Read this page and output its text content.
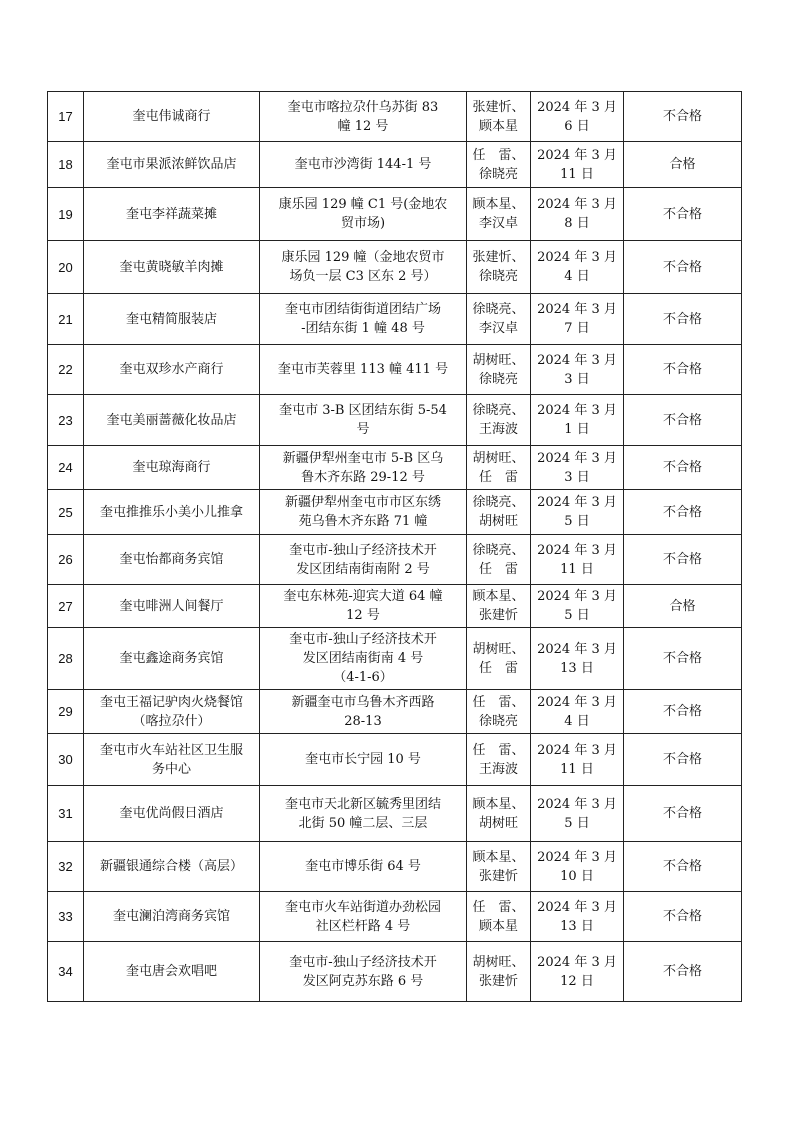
17	奎屯伟诚商行	奎屯市喀拉尕什乌苏街 83
幢 12 号	张建忻、
顾本星	2024 年 3 月
6 日	不合格
18	奎屯市果派浓鲜饮品店	奎屯市沙湾街 144-1 号	任　雷、
徐晓亮	2024 年 3 月
11 日	合格
19	奎屯李祥蔬菜摊	康乐园 129 幢 C1 号(金地农
贸市场)	顾本星、
李汉卓	2024 年 3 月
8 日	不合格
20	奎屯黄晓敏羊肉摊	康乐园 129 幢（金地农贸市
场负一层 C3 区东 2 号）	张建忻、
徐晓亮	2024 年 3 月
4 日	不合格
21	奎屯精简服装店	奎屯市团结街街道团结广场
-团结东街 1 幢 48 号	徐晓亮、
李汉卓	2024 年 3 月
7 日	不合格
22	奎屯双珍水产商行	奎屯市芙蓉里 113 幢 411 号	胡树旺、
徐晓亮	2024 年 3 月
3 日	不合格
23	奎屯美丽蔷薇化妆品店	奎屯市 3-B 区团结东街 5-54
号	徐晓亮、
王海波	2024 年 3 月
1 日	不合格
24	奎屯琼海商行	新疆伊犁州奎屯市 5-B 区乌
鲁木齐东路 29-12 号	胡树旺、
任　雷	2024 年 3 月
3 日	不合格
25	奎屯推推乐小美小儿推拿	新疆伊犁州奎屯市市区东绣
苑乌鲁木齐东路 71 幢	徐晓亮、
胡树旺	2024 年 3 月
5 日	不合格
26	奎屯怡都商务宾馆	奎屯市-独山子经济技术开
发区团结南街南附 2 号	徐晓亮、
任　雷	2024 年 3 月
11 日	不合格
27	奎屯啡洲人间餐厅	奎屯东林苑-迎宾大道 64 幢
12 号	顾本星、
张建忻	2024 年 3 月
5 日	合格
28	奎屯鑫途商务宾馆	奎屯市-独山子经济技术开
发区团结南街南 4 号
（4-1-6）	胡树旺、
任　雷	2024 年 3 月
13 日	不合格
29	奎屯王福记驴肉火烧餐馆
（喀拉尕什）	新疆奎屯市乌鲁木齐西路
28-13	任　雷、
徐晓亮	2024 年 3 月
4 日	不合格
30	奎屯市火车站社区卫生服
务中心	奎屯市长宁园 10 号	任　雷、
王海波	2024 年 3 月
11 日	不合格
31	奎屯优尚假日酒店	奎屯市天北新区毓秀里团结
北街 50 幢二层、三层	顾本星、
胡树旺	2024 年 3 月
5 日	不合格
32	新疆银通综合楼（高层）	奎屯市博乐街 64 号	顾本星、
张建忻	2024 年 3 月
10 日	不合格
33	奎屯澜泊湾商务宾馆	奎屯市火车站街道办劲松园
社区栏杆路 4 号	任　雷、
顾本星	2024 年 3 月
13 日	不合格
34	奎屯唐会欢唱吧	奎屯市-独山子经济技术开
发区阿克苏东路 6 号	胡树旺、
张建忻	2024 年 3 月
12 日	不合格
